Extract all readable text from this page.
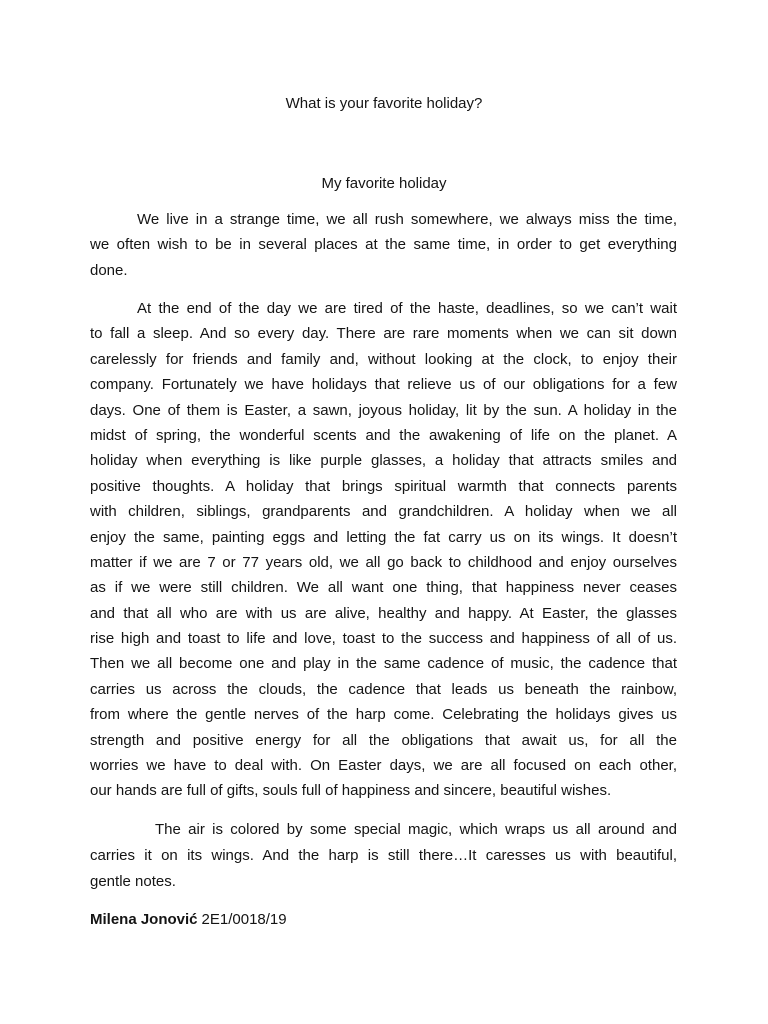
What is your favorite holiday?
My favorite holiday
We live in a strange time, we all rush somewhere, we always miss the time,
we often wish to be in several places at the same time, in order to get everything
done.
At the end of the day we are tired of the haste, deadlines, so we can’t wait
to fall a sleep. And so every day. There are rare moments when we can sit down
carelessly for friends and family and, without looking at the clock, to enjoy their
company. Fortunately we have holidays that relieve us of our obligations for a few
days. One of them is Easter, a sawn, joyous holiday, lit by the sun. A holiday in the
midst of spring, the wonderful scents and the awakening of life on the planet. A
holiday when everything is like purple glasses, a holiday that attracts smiles and
positive thoughts. A holiday that brings spiritual warmth that connects parents
with children, siblings, grandparents and grandchildren. A holiday when we all
enjoy the same, painting eggs and letting the fat carry us on its wings. It doesn’t
matter if we are 7 or 77 years old, we all go back to childhood and enjoy ourselves
as if we were still children. We all want one thing, that happiness never ceases
and that all who are with us are alive, healthy and happy. At Easter, the glasses
rise high and toast to life and love, toast to the success and happiness of all of us.
Then we all become one and play in the same cadence of music, the cadence that
carries us across the clouds, the cadence that leads us beneath the rainbow,
from where the gentle nerves of the harp come. Celebrating the holidays gives us
strength and positive energy for all the obligations that await us, for all the
worries we have to deal with. On Easter days, we are all focused on each other,
our hands are full of gifts, souls full of happiness and sincere, beautiful wishes.
The air is colored by some special magic, which wraps us all around and
carries it on its wings. And the harp is still there…It caresses us with beautiful,
gentle notes.
Milena Jonović 2E1/0018/19
